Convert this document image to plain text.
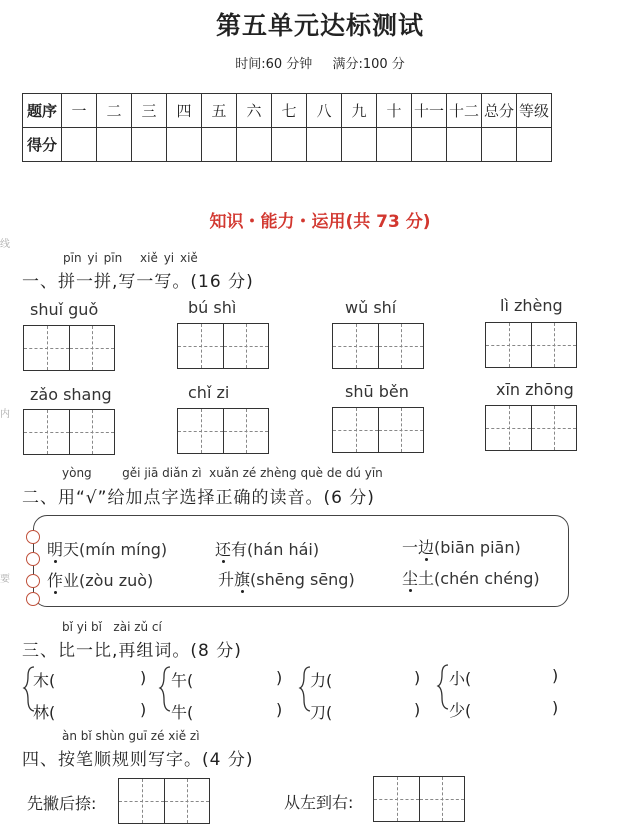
第五单元达标测试
时间:60 分钟 满分:100 分
线
内
要
题序	一	二	三	四	五	六	七	八	九	十	十一	十二	总分	等级
得分														
知识・能力・运用(共 73 分)
pīn yi pīn xiě yi xiě
一、拼一拼,写一写。(16 分)
shuǐ guǒ	bú shì	wǔ shí	lì zhèng
zǎo shang	chǐ zi	shū běn	xīn zhōng
yòng        gěi jiā diǎn zì  xuǎn zé zhèng què de dú yīn
二、用“√”给加点字选择正确的读音。(6 分)
明天(mín míng)	还有(hán hái)	一边(biān piān)
作业(zòu zuò)	升旗(shēng sēng)	尘土(chén chéng)
bǐ yi bǐ   zài zǔ cí
三、比一比,再组词。(8 分)
木(	)
林(	)
午(	)
牛(	)
力(	)
刀(	)
小(	)
少(	)
àn bǐ shùn guī zé xiě zì
四、按笔顺规则写字。(4 分)
先撇后捺:	从左到右:
